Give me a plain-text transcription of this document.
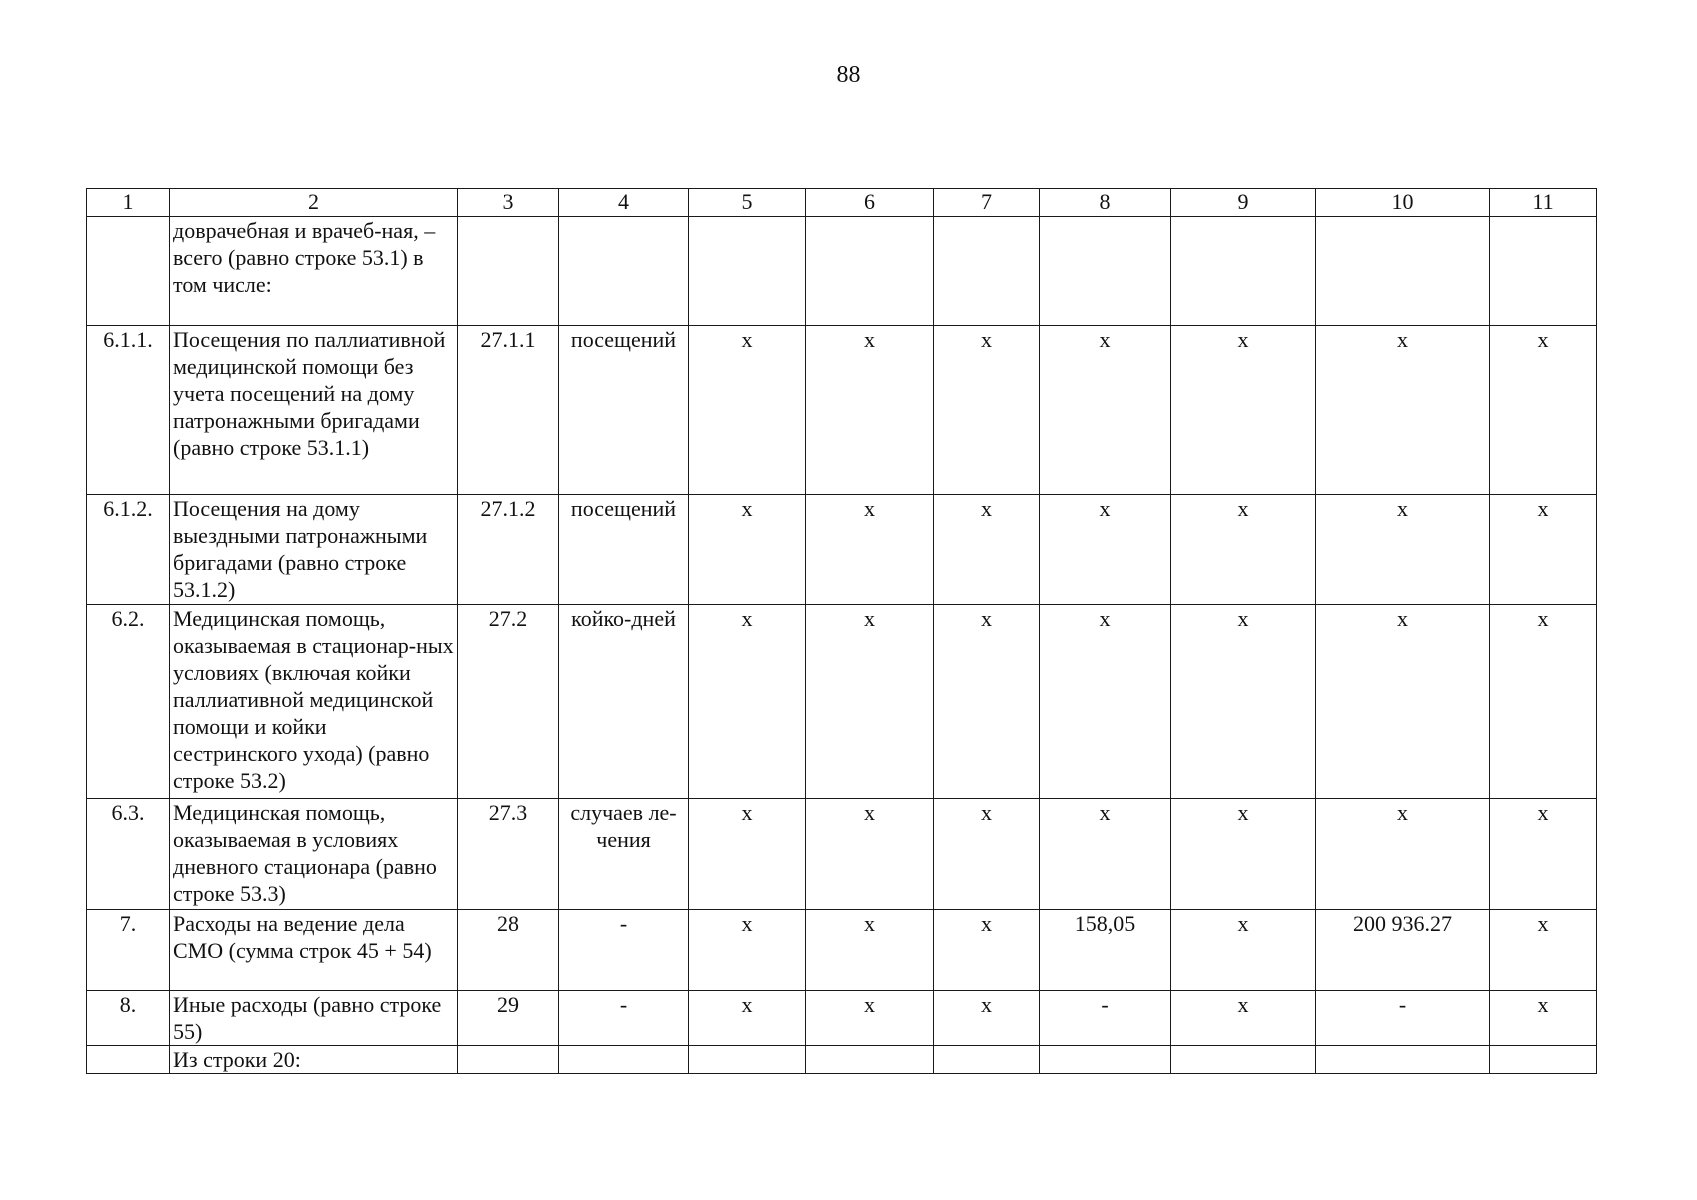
88
1	2	3	4	5	6	7	8	9	10	11
	доврачебная и врачеб-ная, – всего (равно строке 53.1) в том числе:									
6.1.1.	Посещения по паллиативной медицинской помощи без учета посещений на дому патронажными бригадами (равно строке 53.1.1)	27.1.1	посещений	х	х	х	х	х	х	х
6.1.2.	Посещения на дому выездными патронажными бригадами (равно строке 53.1.2)	27.1.2	посещений	х	х	х	х	х	х	х
6.2.	Медицинская помощь, оказываемая в стационар-ных условиях (включая койки паллиативной медицинской помощи и койки сестринского ухода) (равно строке 53.2)	27.2	койко-дней	х	х	х	х	х	х	х
6.3.	Медицинская помощь, оказываемая в условиях дневного стационара (равно строке 53.3)	27.3	случаев ле-чения	х	х	х	х	х	х	х
7.	Расходы на ведение дела СМО (сумма строк 45 + 54)	28	-	х	х	х	158,05	х	200 936.27	х
8.	Иные расходы (равно строке 55)	29	-	х	х	х	-	х	-	х
	Из строки 20:									
